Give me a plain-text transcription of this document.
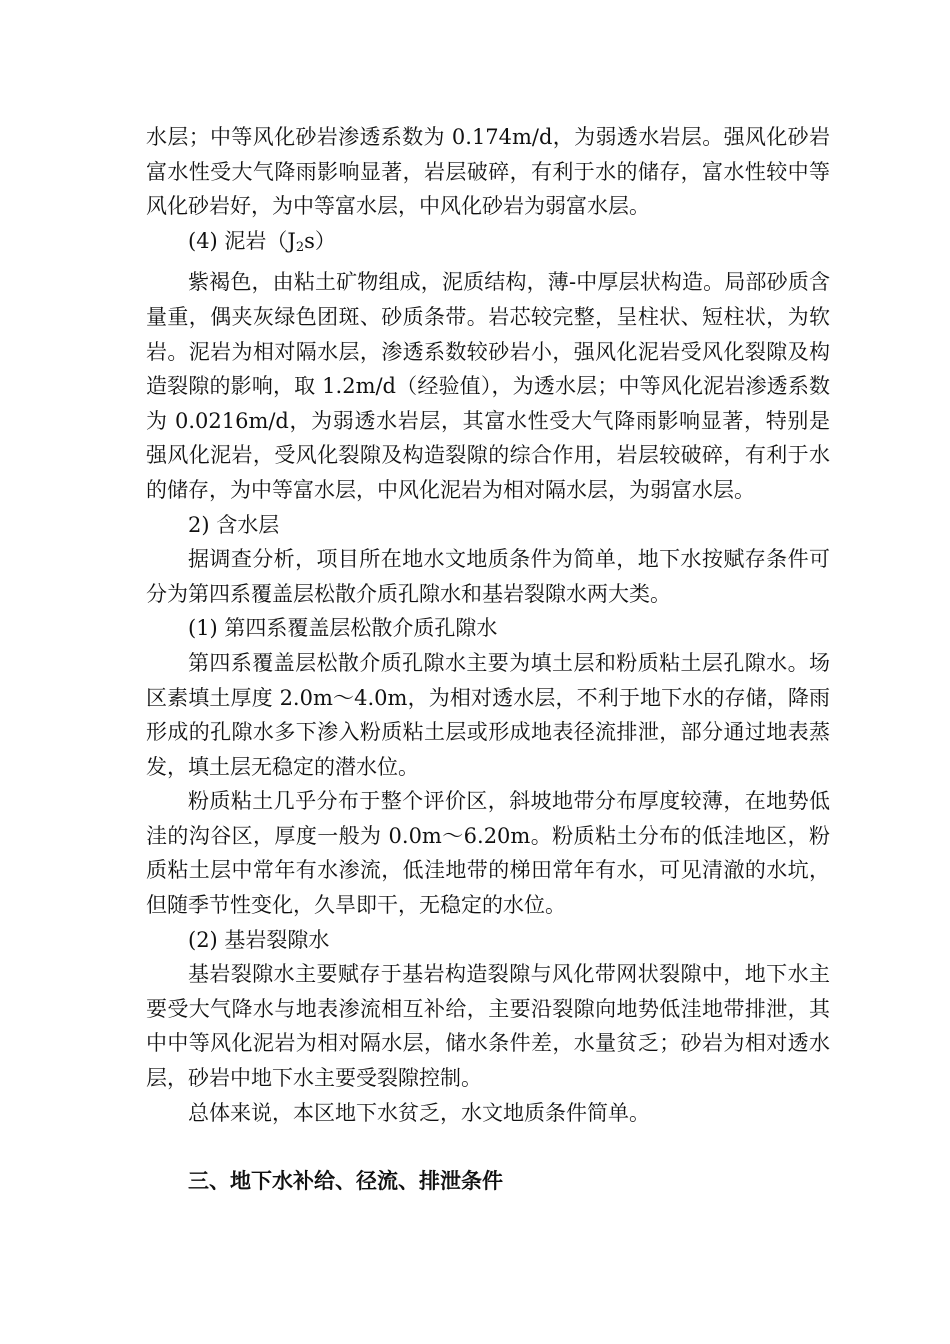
水层；中等风化砂岩渗透系数为 0.174m/d，为弱透水岩层。强风化砂岩富水性受大气降雨影响显著，岩层破碎，有利于水的储存，富水性较中等风化砂岩好，为中等富水层，中风化砂岩为弱富水层。

(4) 泥岩$(J_2s)$

紫褐色，由粘土矿物组成，泥质结构，薄-中厚层状构造。局部砂质含量重，偶夹灰绿色团斑、砂质条带。岩芯较完整，呈柱状、短柱状，为软岩。泥岩为相对隔水层，渗透系数较砂岩小，强风化泥岩受风化裂隙及构造裂隙的影响，取 1.2m/d（经验值），为透水层；中等风化泥岩渗透系数为 0.0216m/d，为弱透水岩层，其富水性受大气降雨影响显著，特别是强风化泥岩，受风化裂隙及构造裂隙的综合作用，岩层较破碎，有利于水的储存，为中等富水层，中风化泥岩为相对隔水层，为弱富水层。

2) 含水层

据调查分析，项目所在地水文地质条件为简单，地下水按赋存条件可分为第四系覆盖层松散介质孔隙水和基岩裂隙水两大类。

(1) 第四系覆盖层松散介质孔隙水

第四系覆盖层松散介质孔隙水主要为填土层和粉质粘土层孔隙水。场区素填土厚度 2.0m～4.0m，为相对透水层，不利于地下水的存储，降雨形成的孔隙水多下渗入粉质粘土层或形成地表径流排泄，部分通过地表蒸发，填土层无稳定的潜水位。

粉质粘土几乎分布于整个评价区，斜坡地带分布厚度较薄，在地势低洼的沟谷区，厚度一般为 0.0m～6.20m。粉质粘土分布的低洼地区，粉质粘土层中常年有水渗流，低洼地带的梯田常年有水，可见清澈的水坑，但随季节性变化，久旱即干，无稳定的水位。

(2) 基岩裂隙水

基岩裂隙水主要赋存于基岩构造裂隙与风化带网状裂隙中，地下水主要受大气降水与地表渗流相互补给，主要沿裂隙向地势低洼地带排泄，其中中等风化泥岩为相对隔水层，储水条件差，水量贫乏；砂岩为相对透水层，砂岩中地下水主要受裂隙控制。

总体来说，本区地下水贫乏，水文地质条件简单。

三、地下水补给、径流、排泄条件
